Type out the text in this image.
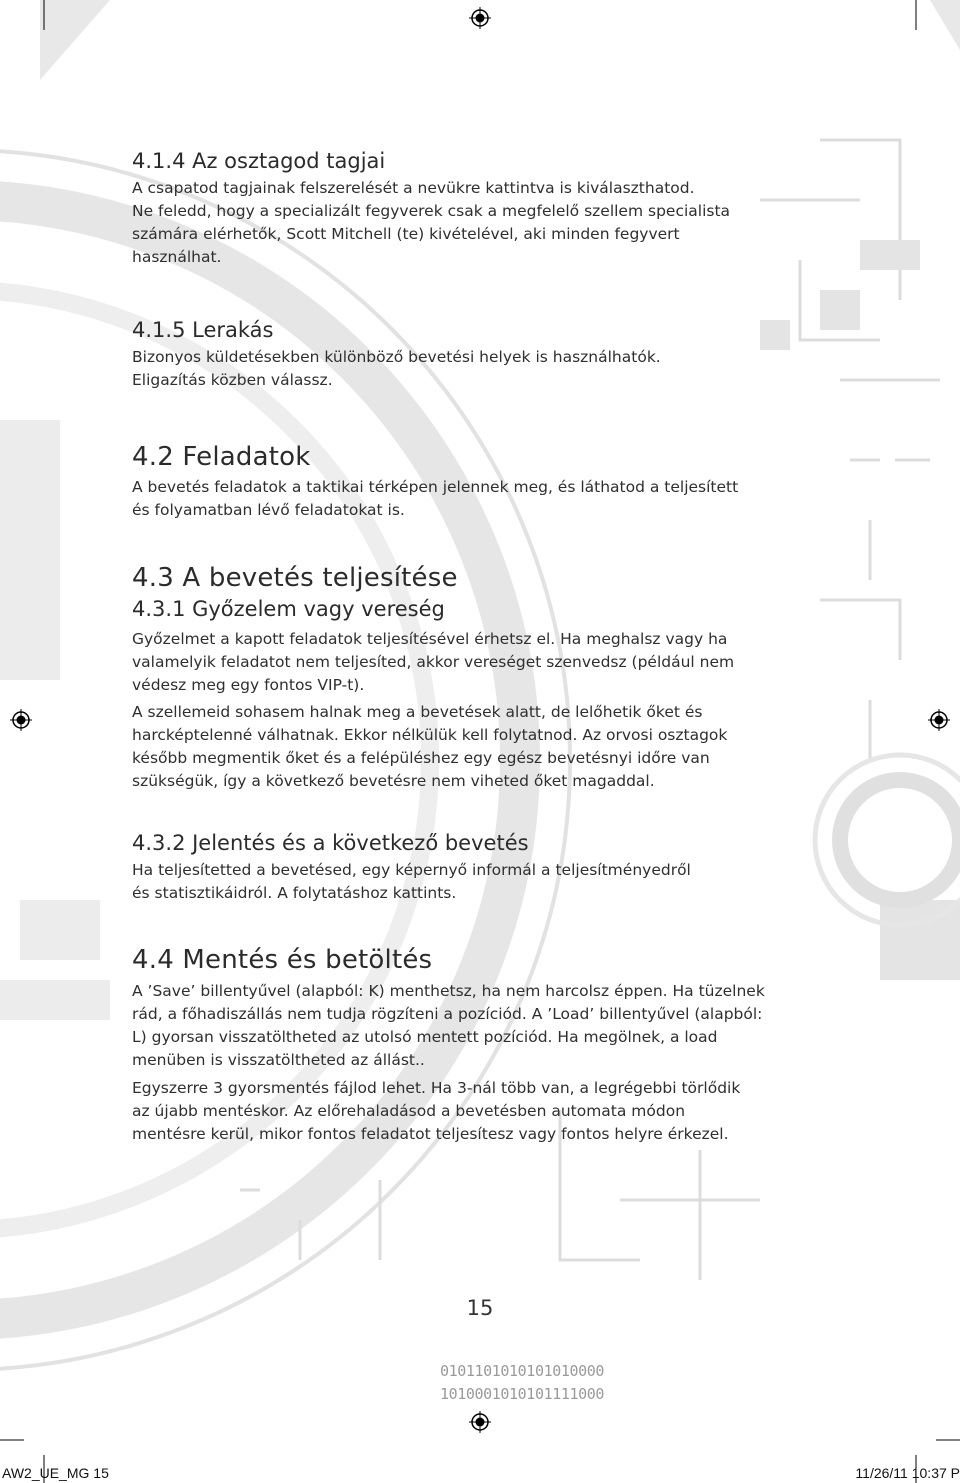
4.1.4 Az osztagod tagjai

A csapatod tagjainak felszerelését a nevükre kattintva is kiválaszthatod.

Ne feledd, hogy a specializált fegyverek csak a megfelelő szellem specialista

számára elérhetők, Scott Mitchell (te) kivételével, aki minden fegyvert

használhat.

4.1.5 Lerakás

Bizonyos küldetésekben különböző bevetési helyek is használhatók.

Eligazítás közben válassz.

4.2 Feladatok

A bevetés feladatok a taktikai térképen jelennek meg, és láthatod a teljesített

és folyamatban lévő feladatokat is.

4.3 A bevetés teljesítése
4.3.1 Győzelem vagy vereség

Győzelmet a kapott feladatok teljesítésével érhetsz el. Ha meghalsz vagy ha

valamelyik feladatot nem teljesíted, akkor vereséget szenvedsz (például nem

védesz meg egy fontos VIP-t).

A szellemeid sohasem halnak meg a bevetések alatt, de lelőhetik őket és

harcképtelenné válhatnak. Ekkor nélkülük kell folytatnod. Az orvosi osztagok

később megmentik őket és a felépüléshez egy egész bevetésnyi időre van

szükségük, így a következő bevetésre nem viheted őket magaddal.

4.3.2 Jelentés és a következő bevetés

Ha teljesítetted a bevetésed, egy képernyő informál a teljesítményedről

és statisztikáidról. A folytatáshoz kattints.

4.4 Mentés és betöltés

A ’Save’ billentyűvel (alapból: K) menthetsz, ha nem harcolsz éppen. Ha tüzelnek

rád, a főhadiszállás nem tudja rögzíteni a pozíciód. A ’Load’ billentyűvel (alapból:

L) gyorsan visszatöltheted az utolsó mentett pozíciód. Ha megölnek, a load

menüben is visszatöltheted az állást..

Egyszerre 3 gyorsmentés fájlod lehet. Ha 3-nál több van, a legrégebbi törlődik

az újabb mentéskor. Az előrehaladásod a bevetésben automata módon

mentésre kerül, mikor fontos feladatot teljesítesz vagy fontos helyre érkezel.

15
0101101010101010000
1010001010101111000
AW2_UE_MG 15	11/26/11 10:37 P
